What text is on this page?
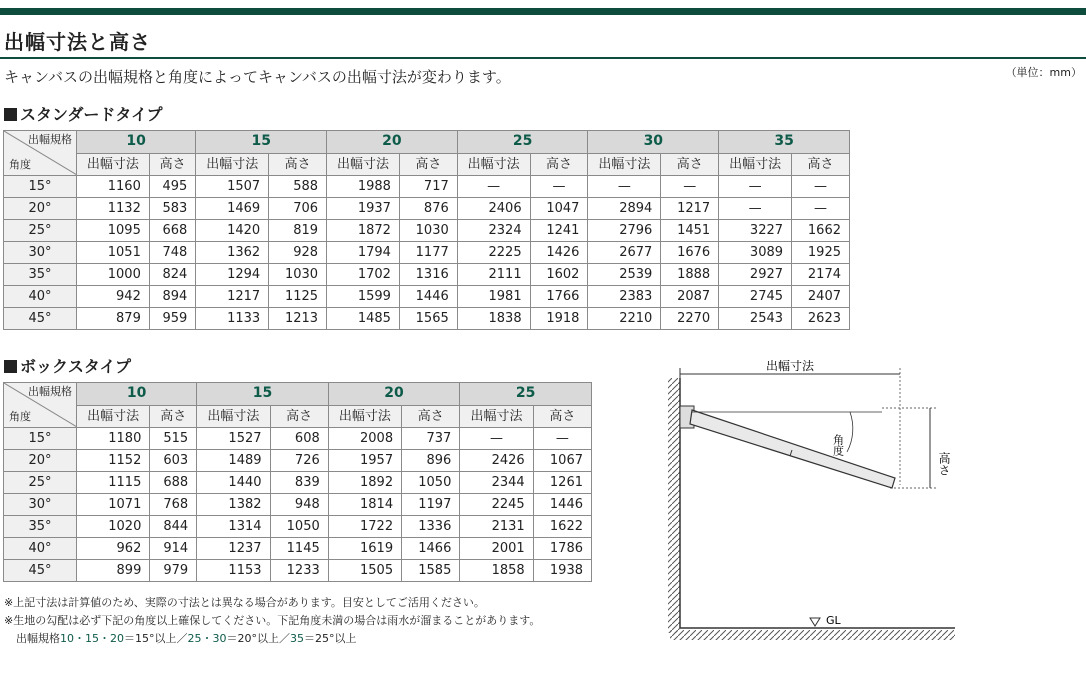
出幅寸法と高さ
キャンバスの出幅規格と角度によってキャンバスの出幅寸法が変わります。	（単位：mm）
スタンダードタイプ
出幅規格
角度	10		15		20		25		30		35	
	出幅寸法	高さ	出幅寸法	高さ	出幅寸法	高さ	出幅寸法	高さ	出幅寸法	高さ	出幅寸法	高さ
15°	1160	495	1507	588	1988	717	—	—	—	—	—	—
20°	1132	583	1469	706	1937	876	2406	1047	2894	1217	—	—
25°	1095	668	1420	819	1872	1030	2324	1241	2796	1451	3227	1662
30°	1051	748	1362	928	1794	1177	2225	1426	2677	1676	3089	1925
35°	1000	824	1294	1030	1702	1316	2111	1602	2539	1888	2927	2174
40°	942	894	1217	1125	1599	1446	1981	1766	2383	2087	2745	2407
45°	879	959	1133	1213	1485	1565	1838	1918	2210	2270	2543	2623
ボックスタイプ
出幅規格
角度	10		15		20		25	
	出幅寸法	高さ	出幅寸法	高さ	出幅寸法	高さ	出幅寸法	高さ
15°	1180	515	1527	608	2008	737	—	—
20°	1152	603	1489	726	1957	896	2426	1067
25°	1115	688	1440	839	1892	1050	2344	1261
30°	1071	768	1382	948	1814	1197	2245	1446
35°	1020	844	1314	1050	1722	1336	2131	1622
40°	962	914	1237	1145	1619	1466	2001	1786
45°	899	979	1153	1233	1505	1585	1858	1938
※上記寸法は計算値のため、実際の寸法とは異なる場合があります。目安としてご活用ください。
※生地の勾配は必ず下記の角度以上確保してください。下記角度未満の場合は雨水が溜まることがあります。
出幅規格10・15・20＝15°以上／25・30＝20°以上／35＝25°以上
出幅寸法
高さ
角度
GL
